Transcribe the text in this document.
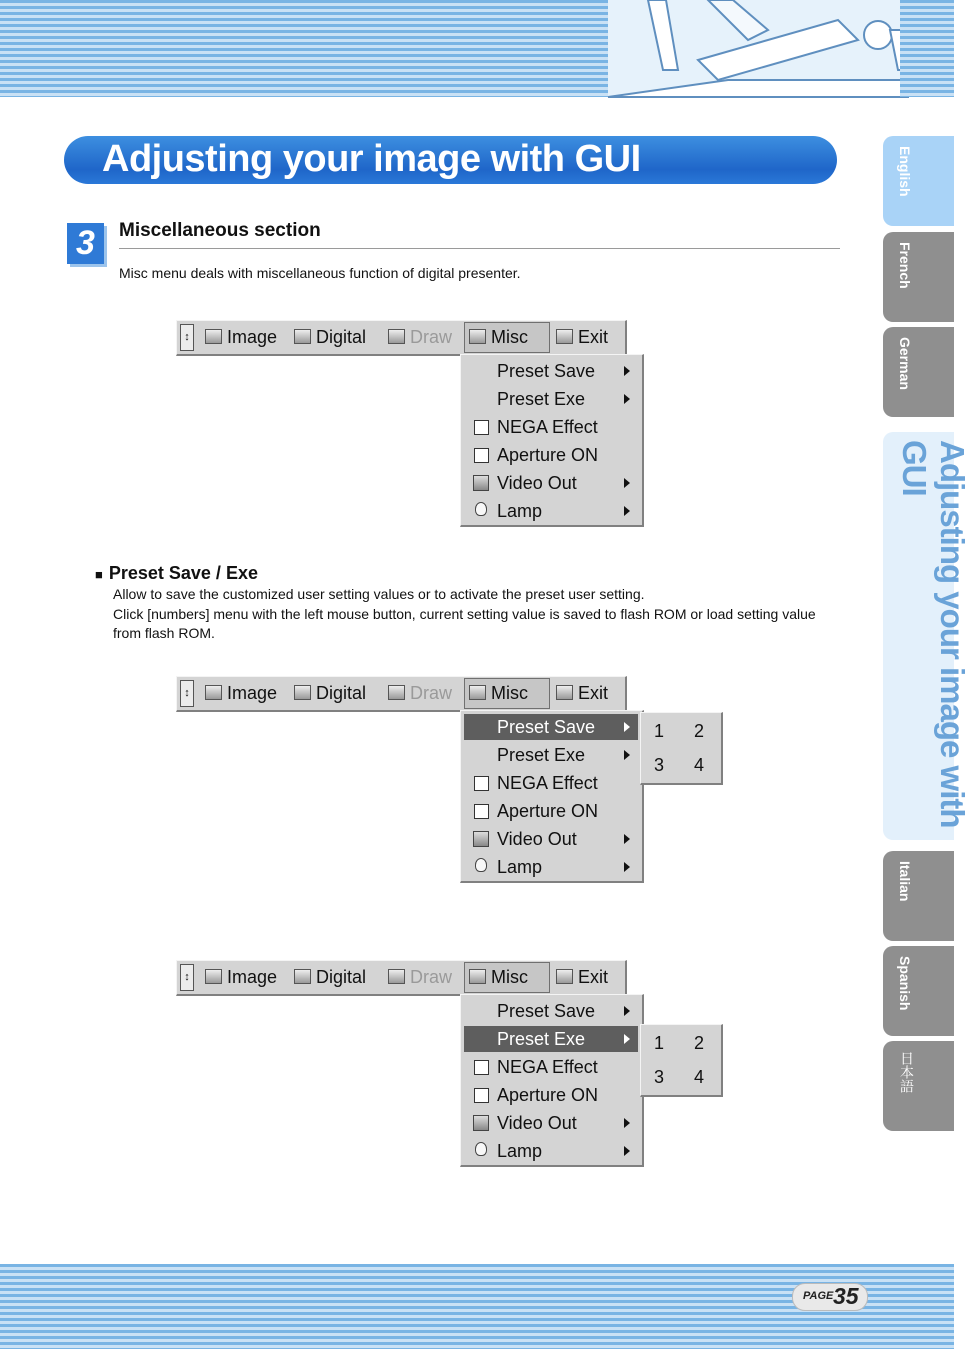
Adjusting your image with GUI
3	Miscellaneous section
Misc menu deals with miscellaneous function of digital presenter.
↕	Image	Digital	Draw	Misc	Exit
Preset Save
Preset Exe
NEGA Effect
Aperture ON
Video Out
Lamp
■ Preset Save / Exe
Allow to save the customized user setting values or to activate the preset user setting.
Click [numbers] menu with the left mouse button, current setting value is saved to flash ROM or load setting value from flash ROM.
↕	Image	Digital	Draw	Misc	Exit
Preset Save
Preset Exe
NEGA Effect
Aperture ON
Video Out
Lamp
1 2
3 4
↕	Image	Digital	Draw	Misc	Exit
Preset Save
Preset Exe
NEGA Effect
Aperture ON
Video Out
Lamp
1 2
3 4
English
French
German
Adjusting your image with GUI
Italian
Spanish
日本語
PAGE 35
